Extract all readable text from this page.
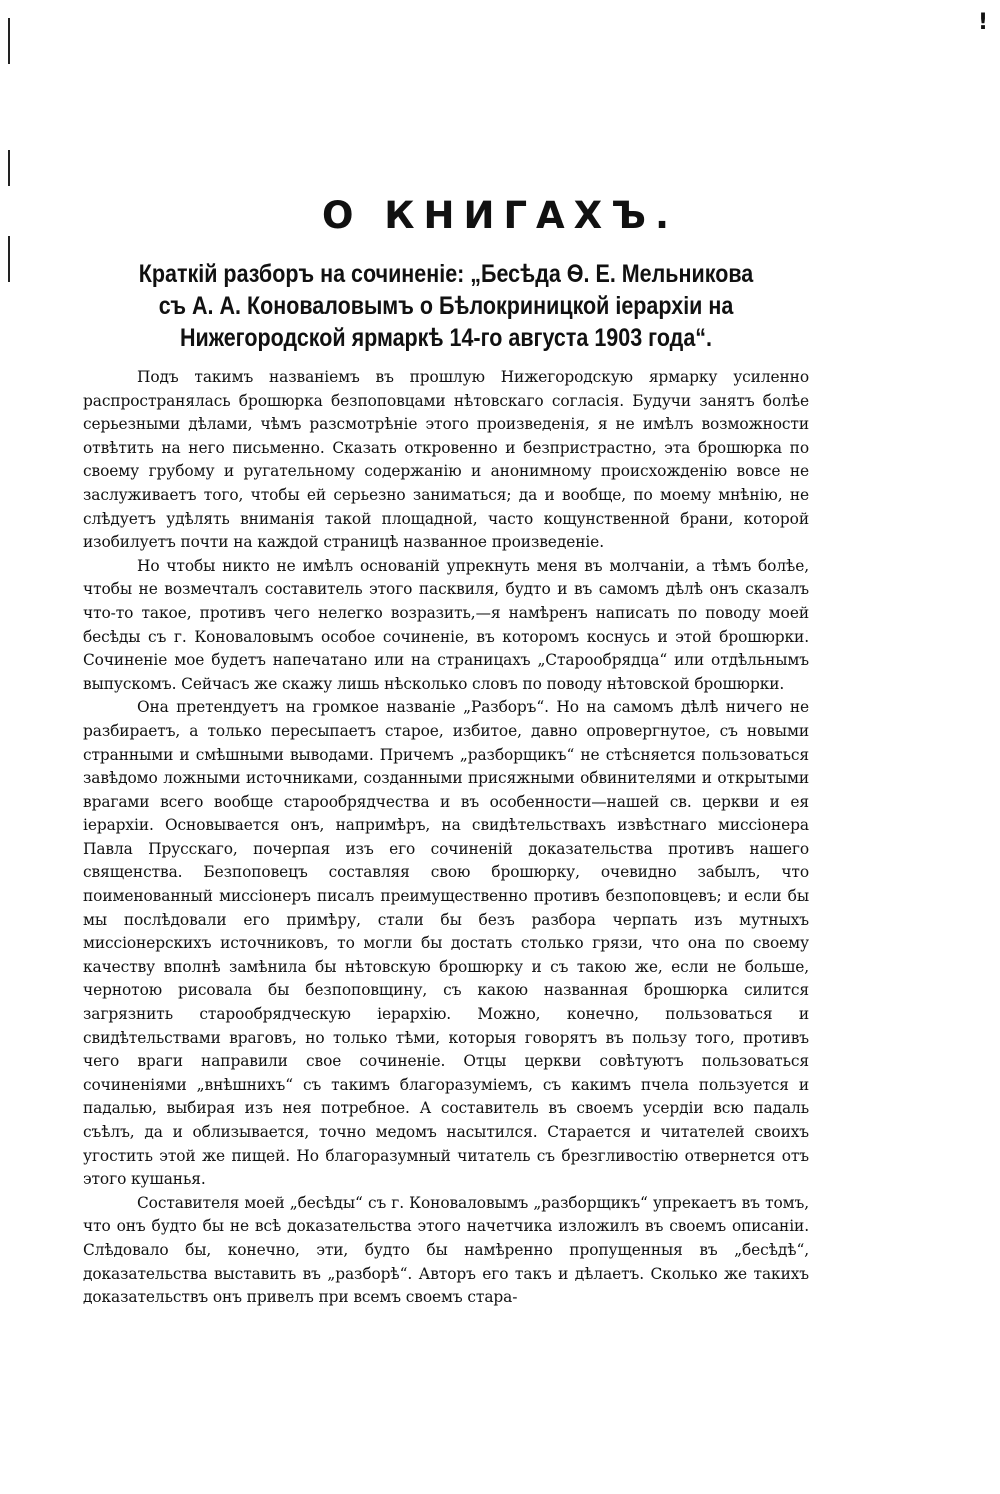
!
О КНИГАХЪ.
Краткій разборъ на сочиненіе: „Бесѣда Ѳ. Е. Мельникова съ А. А. Коноваловымъ о Бѣлокриницкой іерархіи на Нижегородской ярмаркѣ 14-го августа 1903 года“.

Подъ такимъ названіемъ въ прошлую Нижегородскую ярмарку усиленно распространялась брошюрка безпоповцами нѣтовскаго согласія. Будучи занятъ болѣе серьезными дѣлами, чѣмъ разсмотрѣніе этого произведенія, я не имѣлъ возможности отвѣтить на него письменно. Сказать откровенно и безпристрастно, эта брошюрка по своему грубому и ругательному содержанію и анонимному происхожденію вовсе не заслуживаетъ того, чтобы ей серьезно заниматься; да и вообще, по моему мнѣнію, не слѣдуетъ удѣлять вниманія такой площадной, часто кощунственной брани, которой изобилуетъ почти на каждой страницѣ названное произведеніе.

Но чтобы никто не имѣлъ основаній упрекнуть меня въ молчаніи, а тѣмъ болѣе, чтобы не возмечталъ составитель этого пасквиля, будто и въ самомъ дѣлѣ онъ сказалъ что-то такое, противъ чего нелегко возразить,—я намѣренъ написать по поводу моей бесѣды съ г. Коноваловымъ особое сочиненіе, въ которомъ коснусь и этой брошюрки. Сочиненіе мое будетъ напечатано или на страницахъ „Старообрядца“ или отдѣльнымъ выпускомъ. Сейчасъ же скажу лишь нѣсколько словъ по поводу нѣтовской брошюрки.

Она претендуетъ на громкое названіе „Разборъ“. Но на самомъ дѣлѣ ничего не разбираетъ, а только пересыпаетъ старое, избитое, давно опровергнутое, съ новыми странными и смѣшными выводами. Причемъ „разборщикъ“ не стѣсняется пользоваться завѣдомо ложными источниками, созданными присяжными обвинителями и открытыми врагами всего вообще старообрядчества и въ особенности—нашей св. церкви и ея іерархіи. Основывается онъ, напримѣръ, на свидѣтельствахъ извѣстнаго миссіонера Павла Прусскаго, почерпая изъ его сочиненій доказательства противъ нашего священства. Безпоповецъ составляя свою брошюрку, очевидно забылъ, что поименованный миссіонеръ писалъ преимущественно противъ безпоповцевъ; и если бы мы послѣдовали его примѣру, стали бы безъ разбора черпать изъ мутныхъ миссіонерскихъ источниковъ, то могли бы достать столько грязи, что она по своему качеству вполнѣ замѣнила бы нѣтовскую брошюрку и съ такою же, если не больше, чернотою рисовала бы безпоповщину, съ какою названная брошюрка силится загрязнить старообрядческую іерархію. Можно, конечно, пользоваться и свидѣтельствами враговъ, но только тѣми, которыя говорятъ въ пользу того, противъ чего враги направили свое сочиненіе. Отцы церкви совѣтуютъ пользоваться сочиненіями „внѣшнихъ“ съ такимъ благоразуміемъ, съ какимъ пчела пользуется и падалью, выбирая изъ нея потребное. А составитель въ своемъ усердіи всю падаль съѣлъ, да и облизывается, точно медомъ насытился. Старается и читателей своихъ угостить этой же пищей. Но благоразумный читатель съ брезгливостію отвернется отъ этого кушанья.

Составителя моей „бесѣды“ съ г. Коноваловымъ „разборщикъ“ упрекаетъ въ томъ, что онъ будто бы не всѣ доказательства этого начетчика изложилъ въ своемъ описаніи. Слѣдовало бы, конечно, эти, будто бы намѣренно пропущенныя въ „бесѣдѣ“, доказательства выставить въ „разборѣ“. Авторъ его такъ и дѣлаетъ. Сколько же такихъ доказательствъ онъ привелъ при всемъ своемъ стара-
